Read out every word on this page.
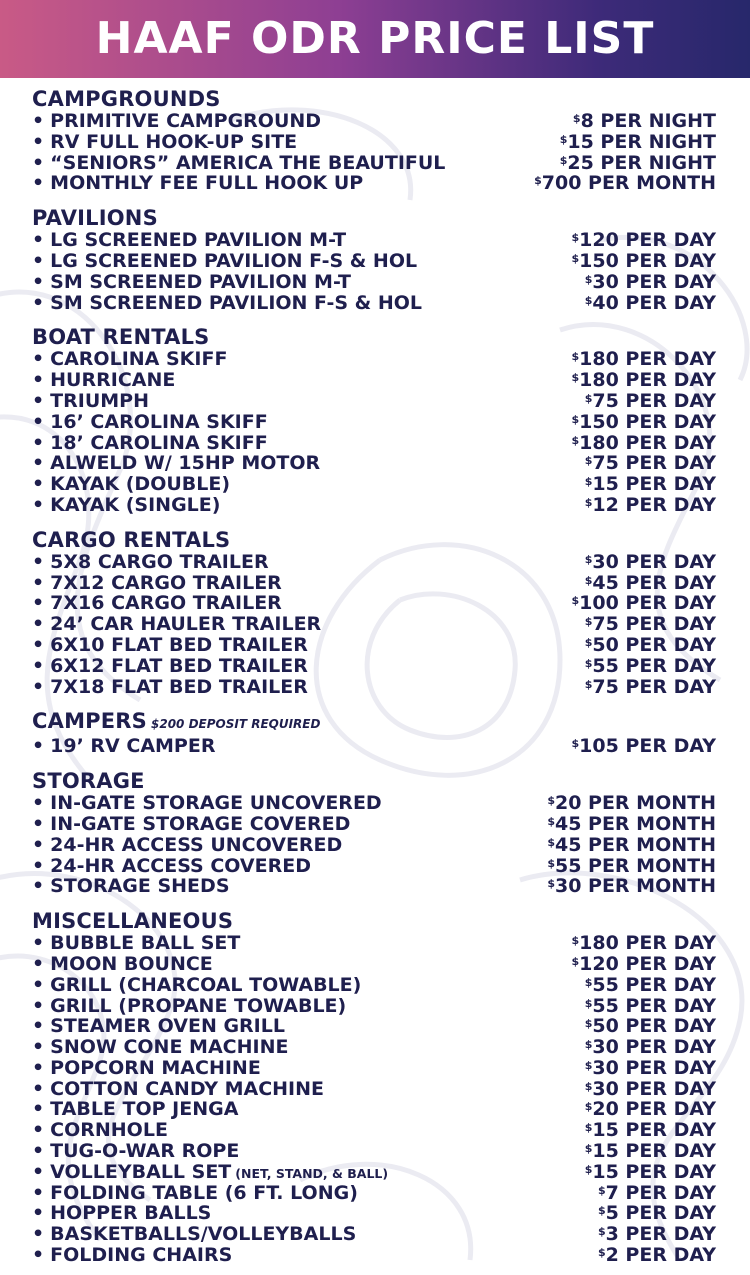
HAAF ODR PRICE LIST
CAMPGROUNDS
• PRIMITIVE CAMPGROUND	$8 PER NIGHT
• RV FULL HOOK-UP SITE	$15 PER NIGHT
• “SENIORS” AMERICA THE BEAUTIFUL	$25 PER NIGHT
• MONTHLY FEE FULL HOOK UP	$700 PER MONTH
PAVILIONS
• LG SCREENED PAVILION M-T	$120 PER DAY
• LG SCREENED PAVILION F-S & HOL	$150 PER DAY
• SM SCREENED PAVILION M-T	$30 PER DAY
• SM SCREENED PAVILION F-S & HOL	$40 PER DAY
BOAT RENTALS
• CAROLINA SKIFF	$180 PER DAY
• HURRICANE	$180 PER DAY
• TRIUMPH	$75 PER DAY
• 16’ CAROLINA SKIFF	$150 PER DAY
• 18’ CAROLINA SKIFF	$180 PER DAY
• ALWELD W/ 15HP MOTOR	$75 PER DAY
• KAYAK (DOUBLE)	$15 PER DAY
• KAYAK (SINGLE)	$12 PER DAY
CARGO RENTALS
• 5X8 CARGO TRAILER	$30 PER DAY
• 7X12 CARGO TRAILER	$45 PER DAY
• 7X16 CARGO TRAILER	$100 PER DAY
• 24’ CAR HAULER TRAILER	$75 PER DAY
• 6X10 FLAT BED TRAILER	$50 PER DAY
• 6X12 FLAT BED TRAILER	$55 PER DAY
• 7X18 FLAT BED TRAILER	$75 PER DAY
CAMPERS $200 DEPOSIT REQUIRED
• 19’ RV CAMPER	$105 PER DAY
STORAGE
• IN-GATE STORAGE UNCOVERED	$20 PER MONTH
• IN-GATE STORAGE COVERED	$45 PER MONTH
• 24-HR ACCESS UNCOVERED	$45 PER MONTH
• 24-HR ACCESS COVERED	$55 PER MONTH
• STORAGE SHEDS	$30 PER MONTH
MISCELLANEOUS
• BUBBLE BALL SET	$180 PER DAY
• MOON BOUNCE	$120 PER DAY
• GRILL (CHARCOAL TOWABLE)	$55 PER DAY
• GRILL (PROPANE TOWABLE)	$55 PER DAY
• STEAMER OVEN GRILL	$50 PER DAY
• SNOW CONE MACHINE	$30 PER DAY
• POPCORN MACHINE	$30 PER DAY
• COTTON CANDY MACHINE	$30 PER DAY
• TABLE TOP JENGA	$20 PER DAY
• CORNHOLE	$15 PER DAY
• TUG-O-WAR ROPE	$15 PER DAY
• VOLLEYBALL SET (NET, STAND, & BALL)	$15 PER DAY
• FOLDING TABLE (6 FT. LONG)	$7 PER DAY
• HOPPER BALLS	$5 PER DAY
• BASKETBALLS/VOLLEYBALLS	$3 PER DAY
• FOLDING CHAIRS	$2 PER DAY
